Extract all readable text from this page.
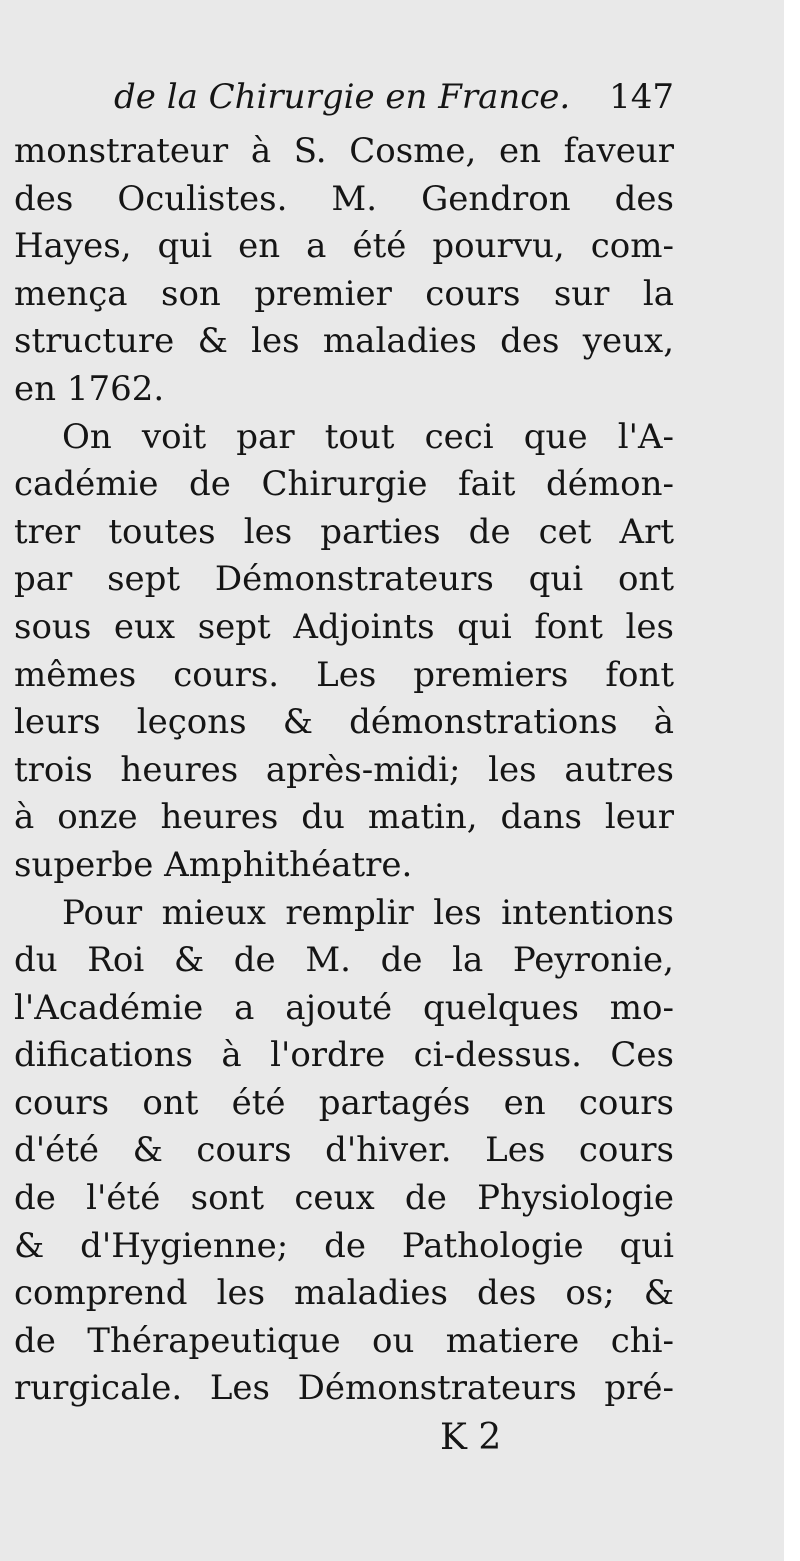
de la Chirurgie en France. 147
monstrateur à S. Cosme, en faveur
des Oculistes. M. Gendron des
Hayes, qui en a été pourvu, com-
mença son premier cours sur la
structure & les maladies des yeux,
en 1762.
On voit par tout ceci que l'A-
cadémie de Chirurgie fait démon-
trer toutes les parties de cet Art
par sept Démonstrateurs qui ont
sous eux sept Adjoints qui font les
mêmes cours. Les premiers font
leurs leçons & démonstrations à
trois heures après-midi; les autres
à onze heures du matin, dans leur
superbe Amphithéatre.
Pour mieux remplir les intentions
du Roi & de M. de la Peyronie,
l'Académie a ajouté quelques mo-
difications à l'ordre ci-dessus. Ces
cours ont été partagés en cours
d'été & cours d'hiver. Les cours
de l'été sont ceux de Physiologie
& d'Hygienne; de Pathologie qui
comprend les maladies des os; &
de Thérapeutique ou matiere chi-
rurgicale. Les Démonstrateurs pré-
K 2
